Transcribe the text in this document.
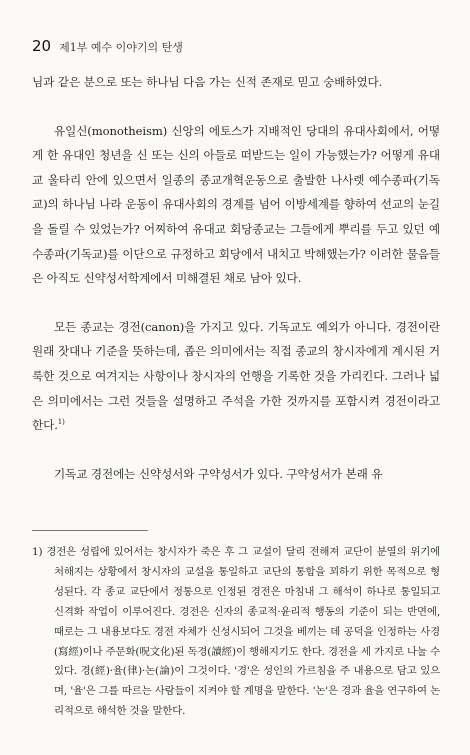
20 제1부 예수 이야기의 탄생

님과 같은 분으로 또는 하나님 다음 가는 신적 존재로 믿고 숭배하였다.

유일신(monotheism) 신앙의 에토스가 지배적인 당대의 유대사회에서, 어떻게 한 유대인 청년을 신 또는 신의 아들로 떠받드는 일이 가능했는가? 어떻게 유대교 울타리 안에 있으면서 일종의 종교개혁운동으로 출발한 나사렛 예수종파(기독교)의 하나님 나라 운동이 유대사회의 경계를 넘어 이방세계를 향하여 선교의 눈길을 돌릴 수 있었는가? 어찌하여 유대교 회당종교는 그들에게 뿌리를 두고 있던 예수종파(기독교)를 이단으로 규정하고 회당에서 내치고 박해했는가? 이러한 물음들은 아직도 신약성서학계에서 미해결된 채로 남아 있다.

모든 종교는 경전(canon)을 가지고 있다. 기독교도 예외가 아니다. 경전이란 원래 잣대나 기준을 뜻하는데, 좁은 의미에서는 직접 종교의 창시자에게 계시된 거룩한 것으로 여겨지는 사항이나 창시자의 언행을 기록한 것을 가리킨다. 그러나 넓은 의미에서는 그런 것들을 설명하고 주석을 가한 것까지를 포함시켜 경전이라고 한다.$^{1)}$

기독교 경전에는 신약성서와 구약성서가 있다. 구약성서가 본래 유

1) 경전은 성립에 있어서는 창시자가 죽은 후 그 교설이 달리 전해져 교단이 분열의 위기에 처해지는 상황에서 창시자의 교설을 통일하고 교단의 통합을 꾀하기 위한 목적으로 형성된다. 각 종교 교단에서 정통으로 인정된 경전은 마침내 그 해석이 하나로 통일되고 신격화 작업이 이루어진다. 경전은 신자의 종교적·윤리적 행동의 기준이 되는 반면에, 때로는 그 내용보다도 경전 자체가 신성시되어 그것을 베끼는 데 공덕을 인정하는 사경(寫經)이나 주문화(呪文化)된 독경(讀經)이 행해지기도 한다. 경전을 세 가지로 나눌 수 있다. 경(經)·율(律)·논(論)이 그것이다. '경'은 성인의 가르침을 주 내용으로 담고 있으며, '율'은 그를 따르는 사람들이 지켜야 할 계명을 말한다. '논'은 경과 율을 연구하여 논리적으로 해석한 것을 말한다.
